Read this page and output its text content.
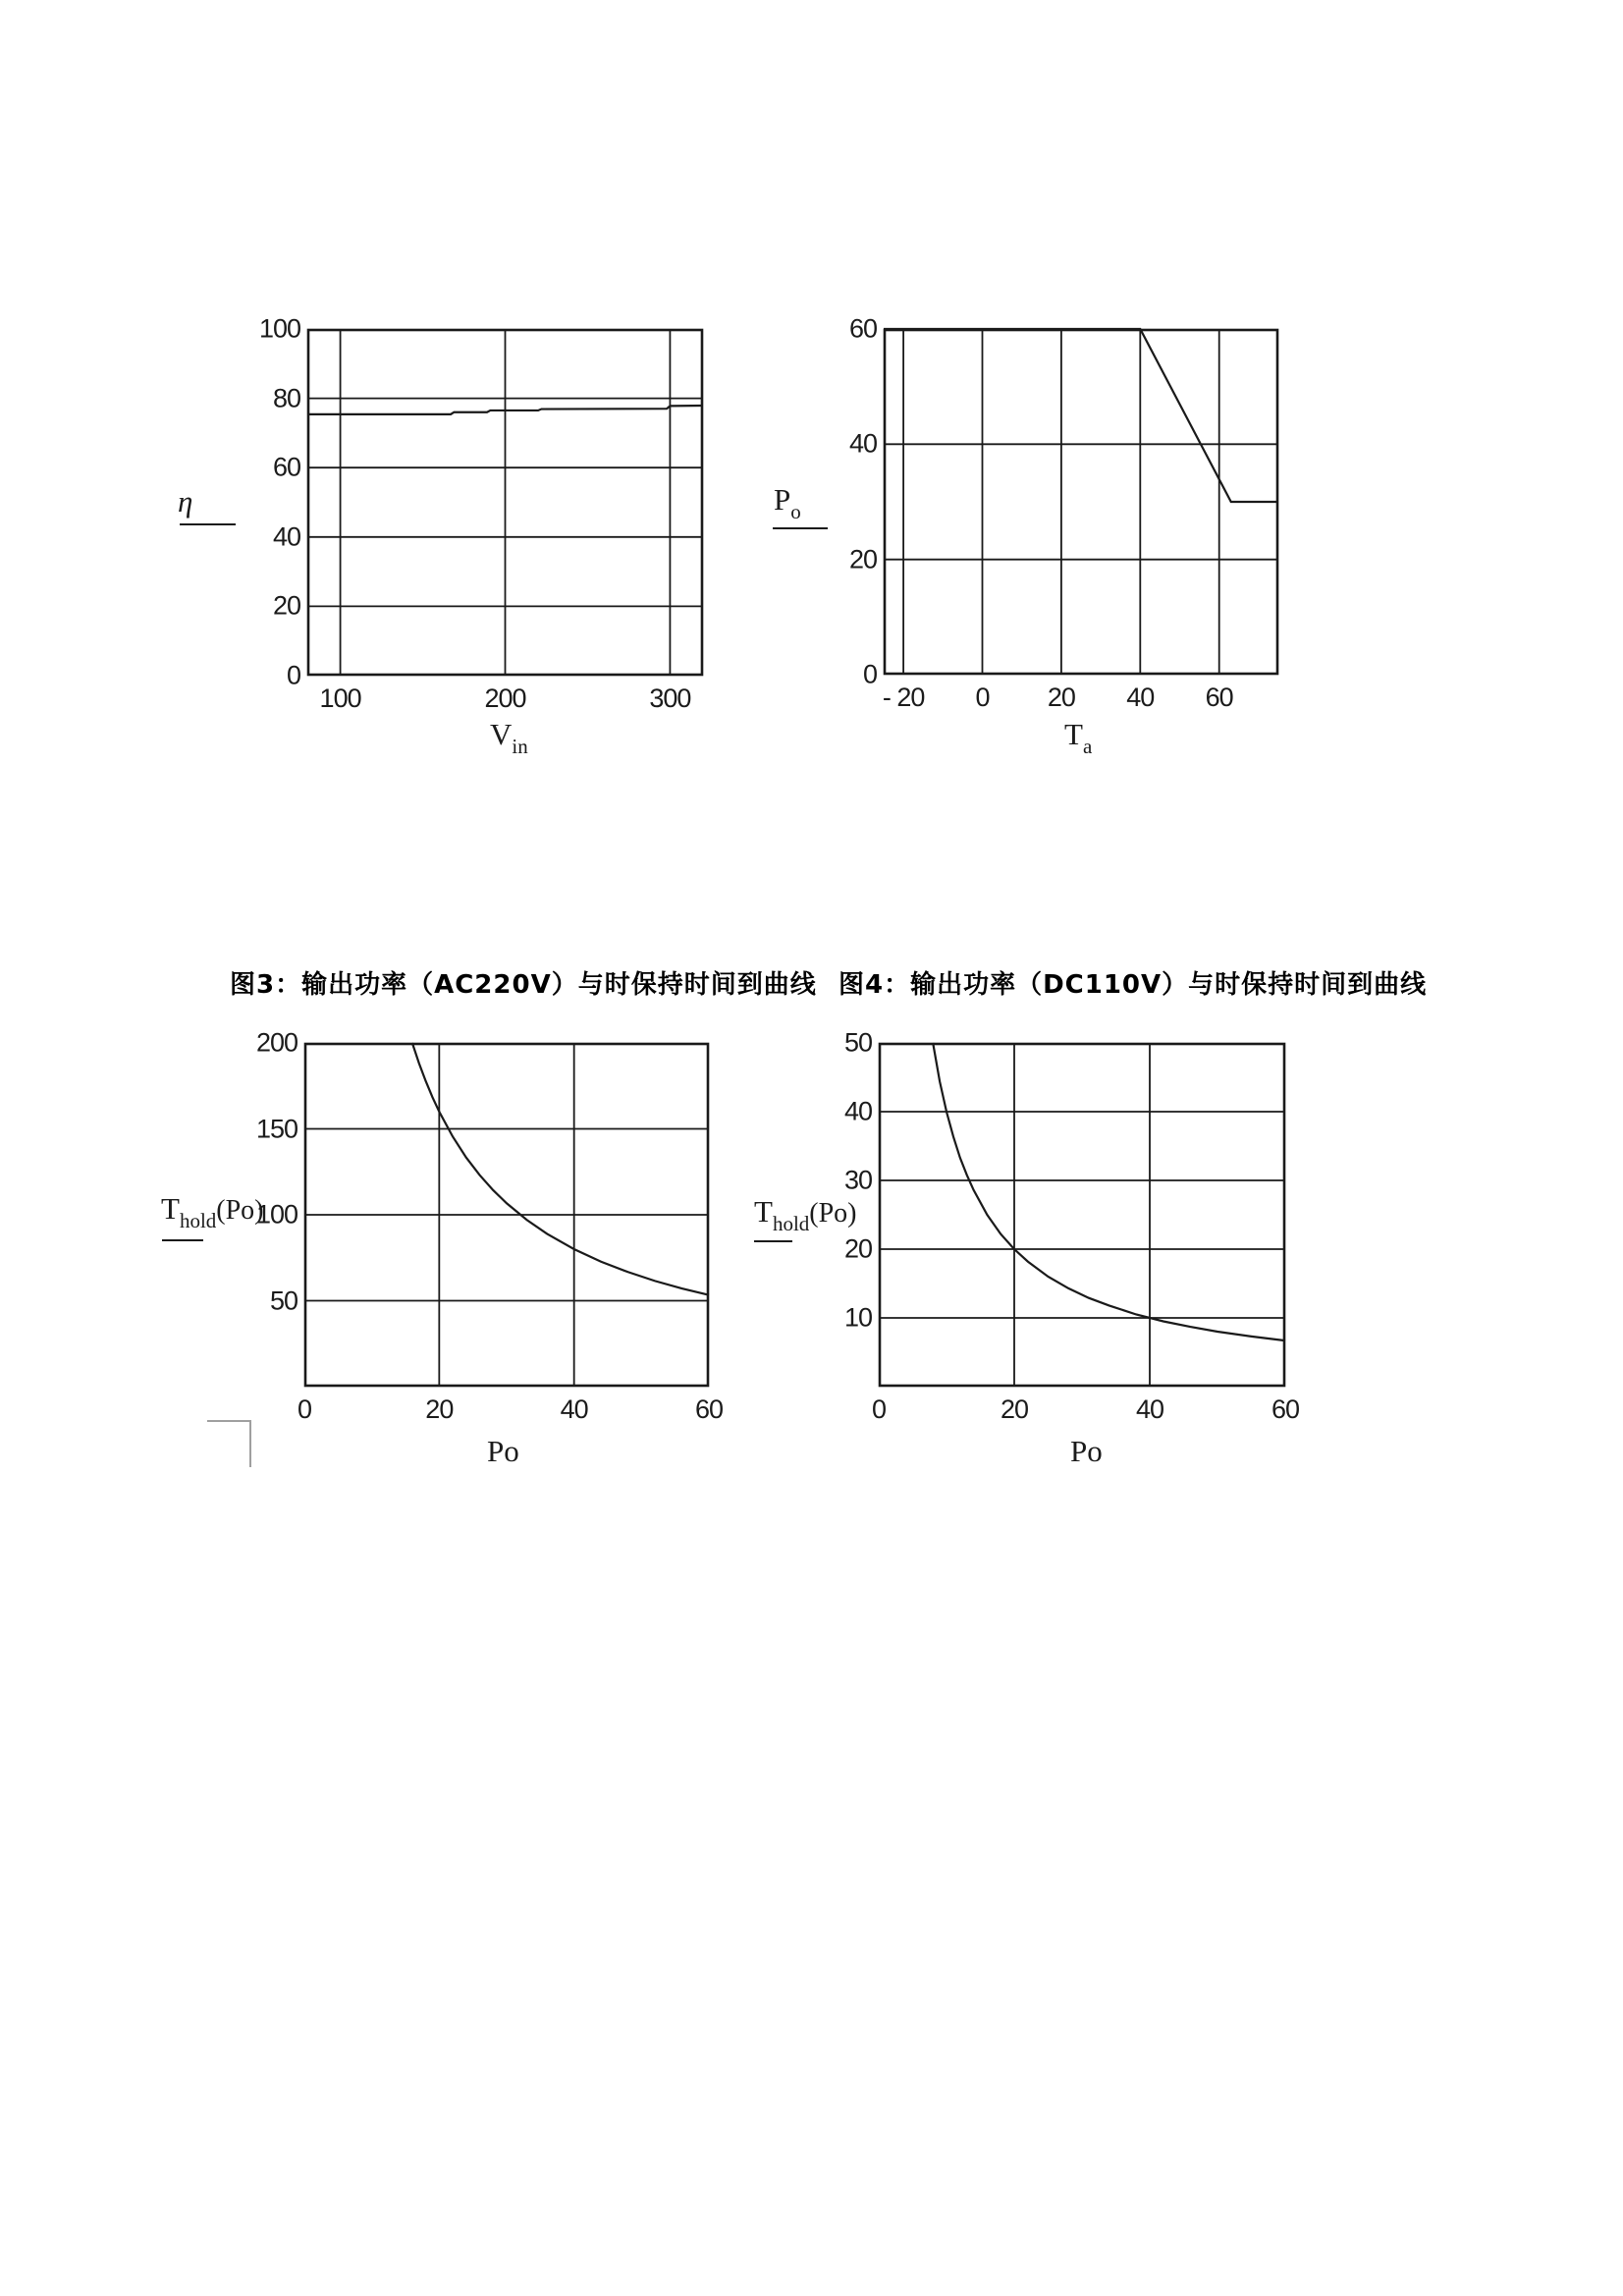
η
$V_{in}$
100	200	300
0
20
40
60
80
100
$P_o$
$T_a$
- 20 0 20 40 60
0
20
40
60
图3：输出功率（AC220V）与时保持时间到曲线 图4：输出功率（DC110V）与时保持时间到曲线
$T_{hold}(Po)$
Po
0	20	40	60
50
100
150
200
$T_{hold}(Po)$
Po
0	20	40	60
10
20
30
40
50
